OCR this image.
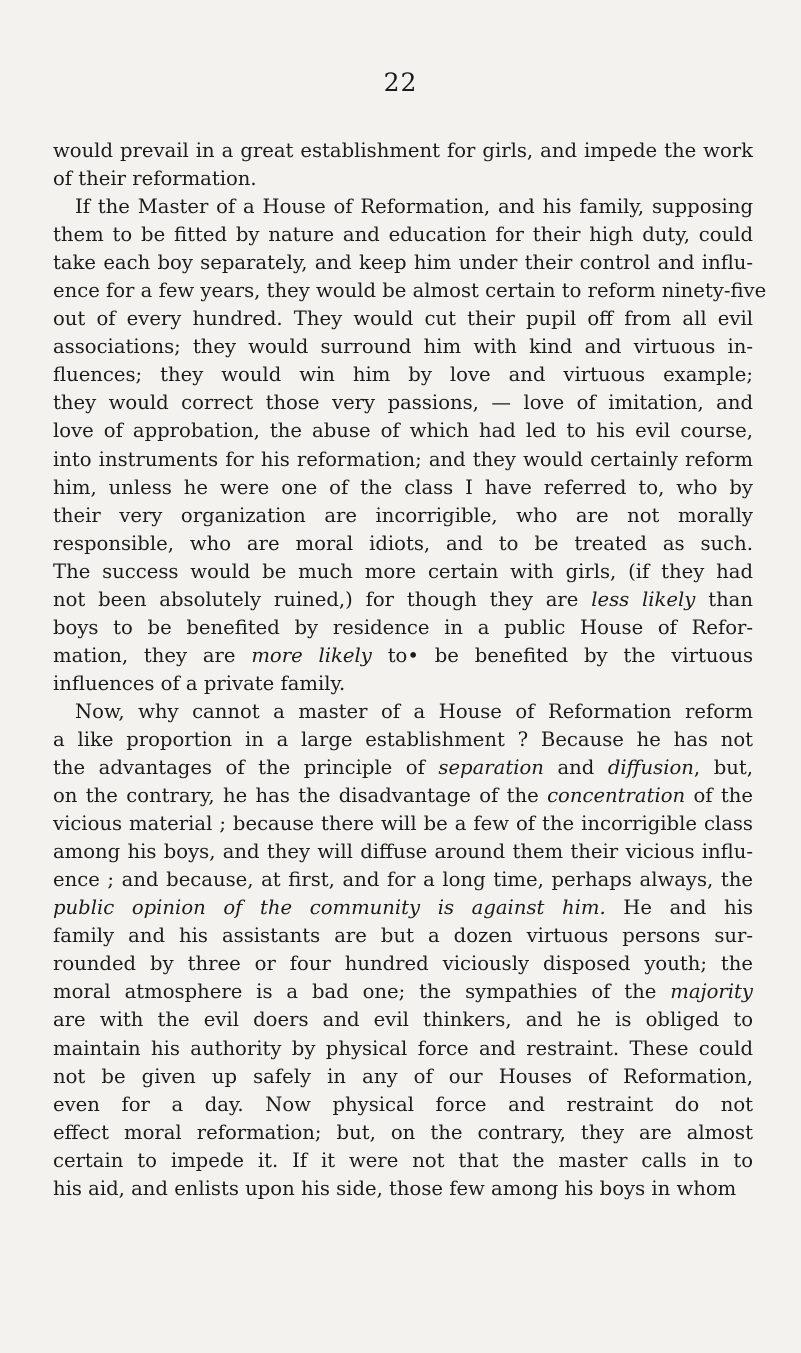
22
would prevail in a great establishment for girls, and impede the work
of their reformation.
If the Master of a House of Reformation, and his family, supposing
them to be fitted by nature and education for their high duty, could
take each boy separately, and keep him under their control and influ-
ence for a few years, they would be almost certain to reform ninety-five
out of every hundred. They would cut their pupil off from all evil
associations; they would surround him with kind and virtuous in-
fluences; they would win him by love and virtuous example;
they would correct those very passions, — love of imitation, and
love of approbation, the abuse of which had led to his evil course,
into instruments for his reformation; and they would certainly reform
him, unless he were one of the class I have referred to, who by
their very organization are incorrigible, who are not morally
responsible, who are moral idiots, and to be treated as such.
The success would be much more certain with girls, (if they had
not been absolutely ruined,) for though they are less likely than
boys to be benefited by residence in a public House of Refor-
mation, they are more likely to• be benefited by the virtuous
influences of a private family.
Now, why cannot a master of a House of Reformation reform
a like proportion in a large establishment ? Because he has not
the advantages of the principle of separation and diffusion, but,
on the contrary, he has the disadvantage of the concentration of the
vicious material ; because there will be a few of the incorrigible class
among his boys, and they will diffuse around them their vicious influ-
ence ; and because, at first, and for a long time, perhaps always, the
public opinion of the community is against him. He and his
family and his assistants are but a dozen virtuous persons sur-
rounded by three or four hundred viciously disposed youth; the
moral atmosphere is a bad one; the sympathies of the majority
are with the evil doers and evil thinkers, and he is obliged to
maintain his authority by physical force and restraint. These could
not be given up safely in any of our Houses of Reformation,
even for a day. Now physical force and restraint do not
effect moral reformation; but, on the contrary, they are almost
certain to impede it. If it were not that the master calls in to
his aid, and enlists upon his side, those few among his boys in whom
